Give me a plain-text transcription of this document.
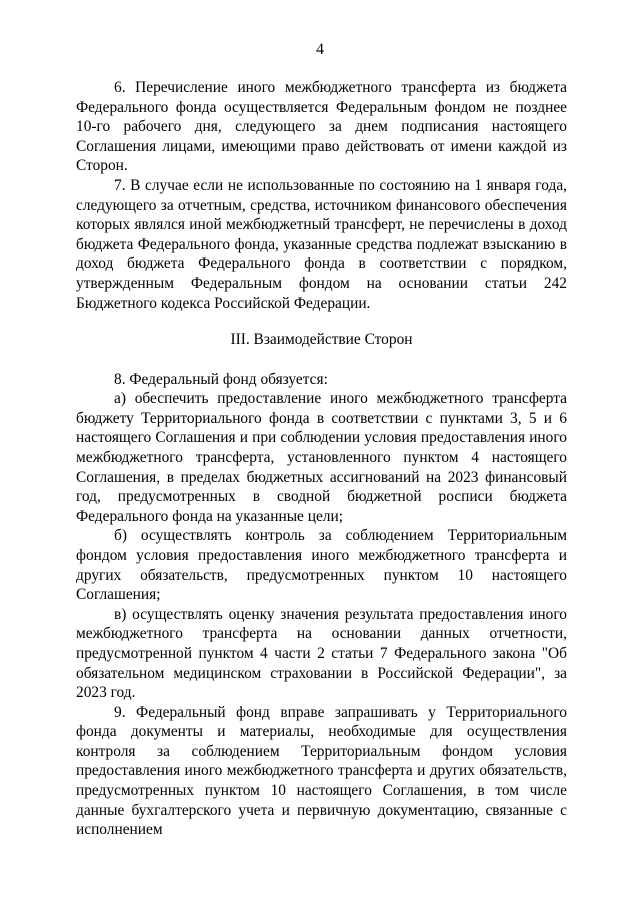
4

6. Перечисление иного межбюджетного трансферта из бюджета Федерального фонда осуществляется Федеральным фондом не позднее 10-го рабочего дня, следующего за днем подписания настоящего Соглашения лицами, имеющими право действовать от имени каждой из Сторон.

7. В случае если не использованные по состоянию на 1 января года, следующего за отчетным, средства, источником финансового обеспечения которых являлся иной межбюджетный трансферт, не перечислены в доход бюджета Федерального фонда, указанные средства подлежат взысканию в доход бюджета Федерального фонда в соответствии с порядком, утвержденным Федеральным фондом на основании статьи 242 Бюджетного кодекса Российской Федерации.

III. Взаимодействие Сторон

8. Федеральный фонд обязуется:

а) обеспечить предоставление иного межбюджетного трансферта бюджету Территориального фонда в соответствии с пунктами 3, 5 и 6 настоящего Соглашения и при соблюдении условия предоставления иного межбюджетного трансферта, установленного пунктом 4 настоящего Соглашения, в пределах бюджетных ассигнований на 2023 финансовый год, предусмотренных в сводной бюджетной росписи бюджета Федерального фонда на указанные цели;

б) осуществлять контроль за соблюдением Территориальным фондом условия предоставления иного межбюджетного трансферта и других обязательств, предусмотренных пунктом 10 настоящего Соглашения;

в) осуществлять оценку значения результата предоставления иного межбюджетного трансферта на основании данных отчетности, предусмотренной пунктом 4 части 2 статьи 7 Федерального закона "Об обязательном медицинском страховании в Российской Федерации", за 2023 год.

9. Федеральный фонд вправе запрашивать у Территориального фонда документы и материалы, необходимые для осуществления контроля за соблюдением Территориальным фондом условия предоставления иного межбюджетного трансферта и других обязательств, предусмотренных пунктом 10 настоящего Соглашения, в том числе данные бухгалтерского учета и первичную документацию, связанные с исполнением
